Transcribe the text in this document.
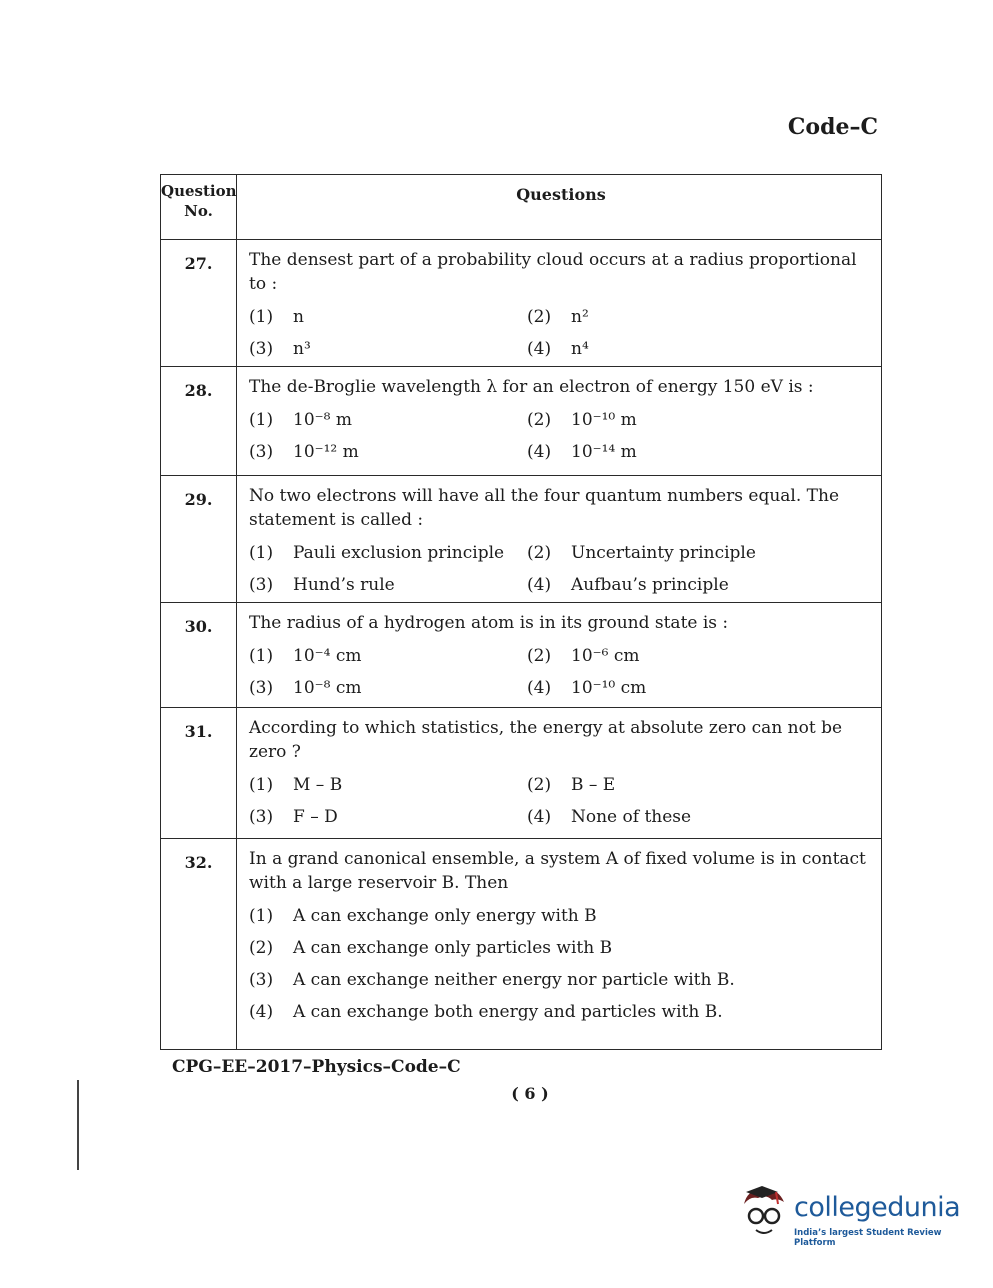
Code–C
Question No.
Questions
27.	The densest part of a probability cloud occurs at a radius proportional to :
(1)	n	(2)	n²
(3)	n³	(4)	n⁴
28.	The de-Broglie wavelength λ for an electron of energy 150 eV is :
(1)	10⁻⁸ m	(2)	10⁻¹⁰ m
(3)	10⁻¹² m	(4)	10⁻¹⁴ m
29.	No two electrons will have all the four quantum numbers equal. The statement is called :
(1)	Pauli exclusion principle (2)	Uncertainty principle
(3)	Hund’s rule	(4)	Aufbau’s principle
30.	The radius of a hydrogen atom is in its ground state is :
(1)	10⁻⁴ cm	(2)	10⁻⁶ cm
(3)	10⁻⁸ cm	(4)	10⁻¹⁰ cm
31.	According to which statistics, the energy at absolute zero can not be zero ?
(1)	M – B	(2)	B – E
(3)	F – D	(4)	None of these
32.	In a grand canonical ensemble, a system A of fixed volume is in contact with a large reservoir B. Then
(1)	A can exchange only energy with B
(2)	A can exchange only particles with B
(3)	A can exchange neither energy nor particle with B.
(4)	A can exchange both energy and particles with B.
CPG–EE–2017–Physics–Code–C
( 6 )
collegedunia
India’s largest Student Review Platform
